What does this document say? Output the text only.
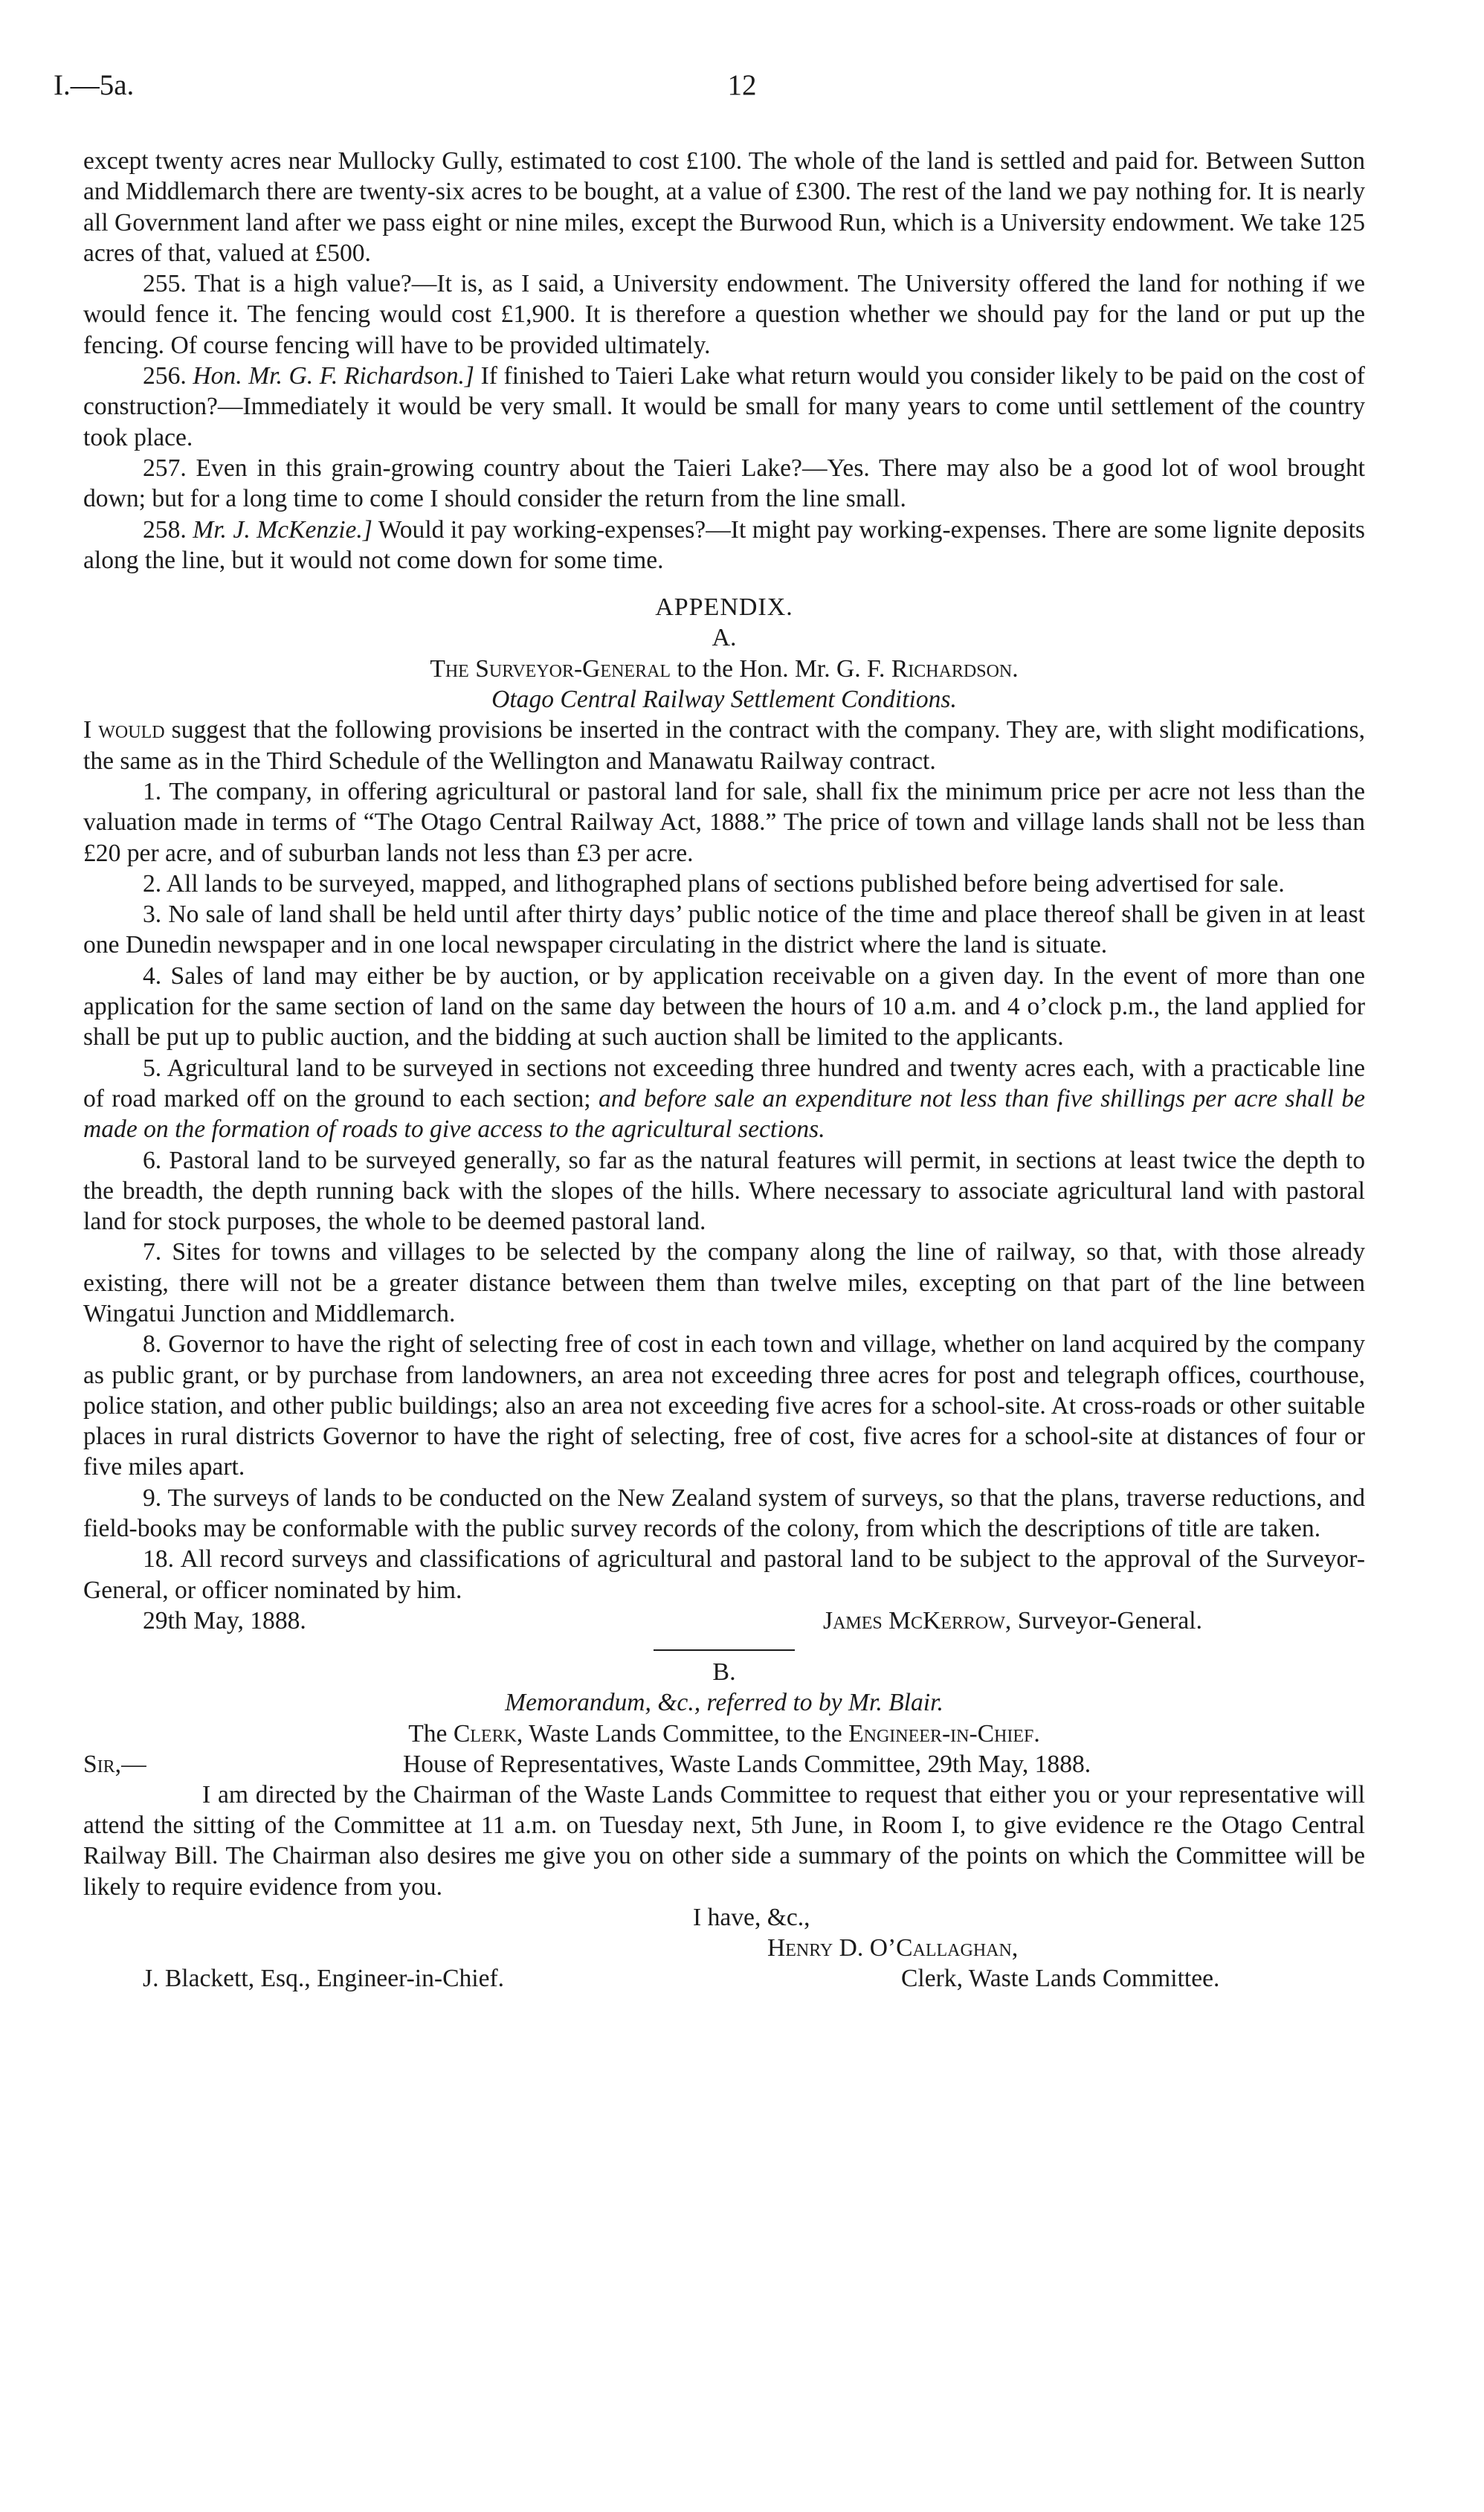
I.—5a.	12

except twenty acres near Mullocky Gully, estimated to cost £100. The whole of the land is settled and paid for. Between Sutton and Middlemarch there are twenty-six acres to be bought, at a value of £300. The rest of the land we pay nothing for. It is nearly all Government land after we pass eight or nine miles, except the Burwood Run, which is a University endowment. We take 125 acres of that, valued at £500.

255. That is a high value?—It is, as I said, a University endowment. The University offered the land for nothing if we would fence it. The fencing would cost £1,900. It is therefore a question whether we should pay for the land or put up the fencing. Of course fencing will have to be provided ultimately.

256. Hon. Mr. G. F. Richardson.] If finished to Taieri Lake what return would you consider likely to be paid on the cost of construction?—Immediately it would be very small. It would be small for many years to come until settlement of the country took place.

257. Even in this grain-growing country about the Taieri Lake?—Yes. There may also be a good lot of wool brought down; but for a long time to come I should consider the return from the line small.

258. Mr. J. McKenzie.] Would it pay working-expenses?—It might pay working-expenses. There are some lignite deposits along the line, but it would not come down for some time.

APPENDIX.

A.

The Surveyor-General to the Hon. Mr. G. F. Richardson.

Otago Central Railway Settlement Conditions.

I would suggest that the following provisions be inserted in the contract with the company. They are, with slight modifications, the same as in the Third Schedule of the Wellington and Manawatu Railway contract.

1. The company, in offering agricultural or pastoral land for sale, shall fix the minimum price per acre not less than the valuation made in terms of “The Otago Central Railway Act, 1888.” The price of town and village lands shall not be less than £20 per acre, and of suburban lands not less than £3 per acre.

2. All lands to be surveyed, mapped, and lithographed plans of sections published before being advertised for sale.

3. No sale of land shall be held until after thirty days’ public notice of the time and place thereof shall be given in at least one Dunedin newspaper and in one local newspaper circulating in the district where the land is situate.

4. Sales of land may either be by auction, or by application receivable on a given day. In the event of more than one application for the same section of land on the same day between the hours of 10 a.m. and 4 o’clock p.m., the land applied for shall be put up to public auction, and the bidding at such auction shall be limited to the applicants.

5. Agricultural land to be surveyed in sections not exceeding three hundred and twenty acres each, with a practicable line of road marked off on the ground to each section; and before sale an expenditure not less than five shillings per acre shall be made on the formation of roads to give access to the agricultural sections.

6. Pastoral land to be surveyed generally, so far as the natural features will permit, in sections at least twice the depth to the breadth, the depth running back with the slopes of the hills. Where necessary to associate agricultural land with pastoral land for stock purposes, the whole to be deemed pastoral land.

7. Sites for towns and villages to be selected by the company along the line of railway, so that, with those already existing, there will not be a greater distance between them than twelve miles, excepting on that part of the line between Wingatui Junction and Middlemarch.

8. Governor to have the right of selecting free of cost in each town and village, whether on land acquired by the company as public grant, or by purchase from landowners, an area not exceeding three acres for post and telegraph offices, courthouse, police station, and other public buildings; also an area not exceeding five acres for a school-site. At cross-roads or other suitable places in rural districts Governor to have the right of selecting, free of cost, five acres for a school-site at distances of four or five miles apart.

9. The surveys of lands to be conducted on the New Zealand system of surveys, so that the plans, traverse reductions, and field-books may be conformable with the public survey records of the colony, from which the descriptions of title are taken.

18. All record surveys and classifications of agricultural and pastoral land to be subject to the approval of the Surveyor-General, or officer nominated by him.

29th May, 1888.	James McKerrow, Surveyor-General.

B.

Memorandum, &c., referred to by Mr. Blair.

The Clerk, Waste Lands Committee, to the Engineer-in-Chief.

Sir,—	House of Representatives, Waste Lands Committee, 29th May, 1888.

I am directed by the Chairman of the Waste Lands Committee to request that either you or your representative will attend the sitting of the Committee at 11 a.m. on Tuesday next, 5th June, in Room I, to give evidence re the Otago Central Railway Bill. The Chairman also desires me give you on other side a summary of the points on which the Committee will be likely to require evidence from you.

I have, &c.,
Henry D. O’Callaghan,
J. Blackett, Esq., Engineer-in-Chief.	Clerk, Waste Lands Committee.
